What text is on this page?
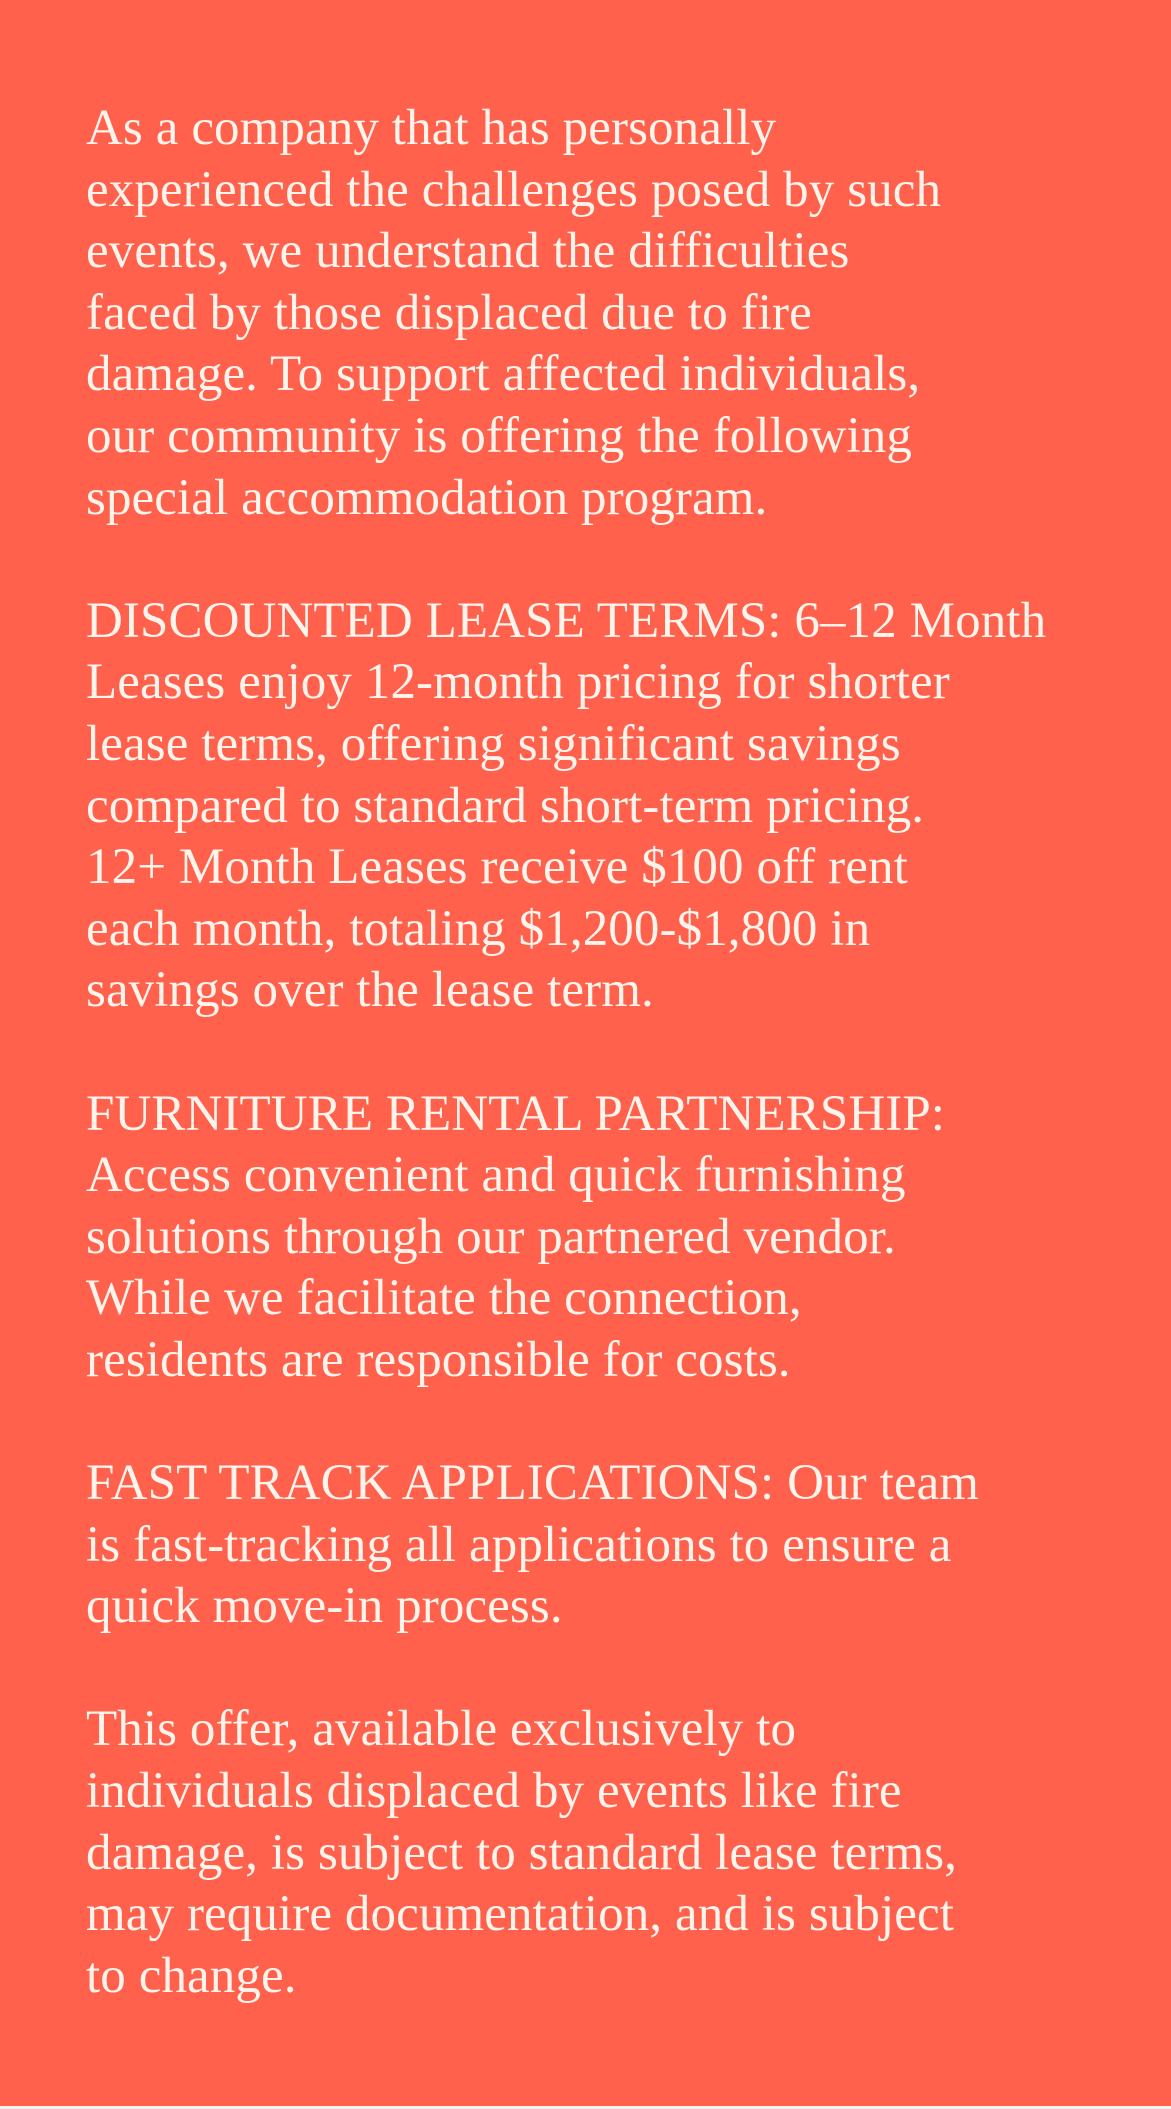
As a company that has personally
experienced the challenges posed by such
events, we understand the difficulties
faced by those displaced due to fire
damage. To support affected individuals,
our community is offering the following
special accommodation program.

DISCOUNTED LEASE TERMS: 6–12 Month
Leases enjoy 12-month pricing for shorter
lease terms, offering significant savings
compared to standard short-term pricing.
12+ Month Leases receive $100 off rent
each month, totaling $1,200-$1,800 in
savings over the lease term.

FURNITURE RENTAL PARTNERSHIP:
Access convenient and quick furnishing
solutions through our partnered vendor.
While we facilitate the connection,
residents are responsible for costs.

FAST TRACK APPLICATIONS: Our team
is fast-tracking all applications to ensure a
quick move-in process.

This offer, available exclusively to
individuals displaced by events like fire
damage, is subject to standard lease terms,
may require documentation, and is subject
to change.
